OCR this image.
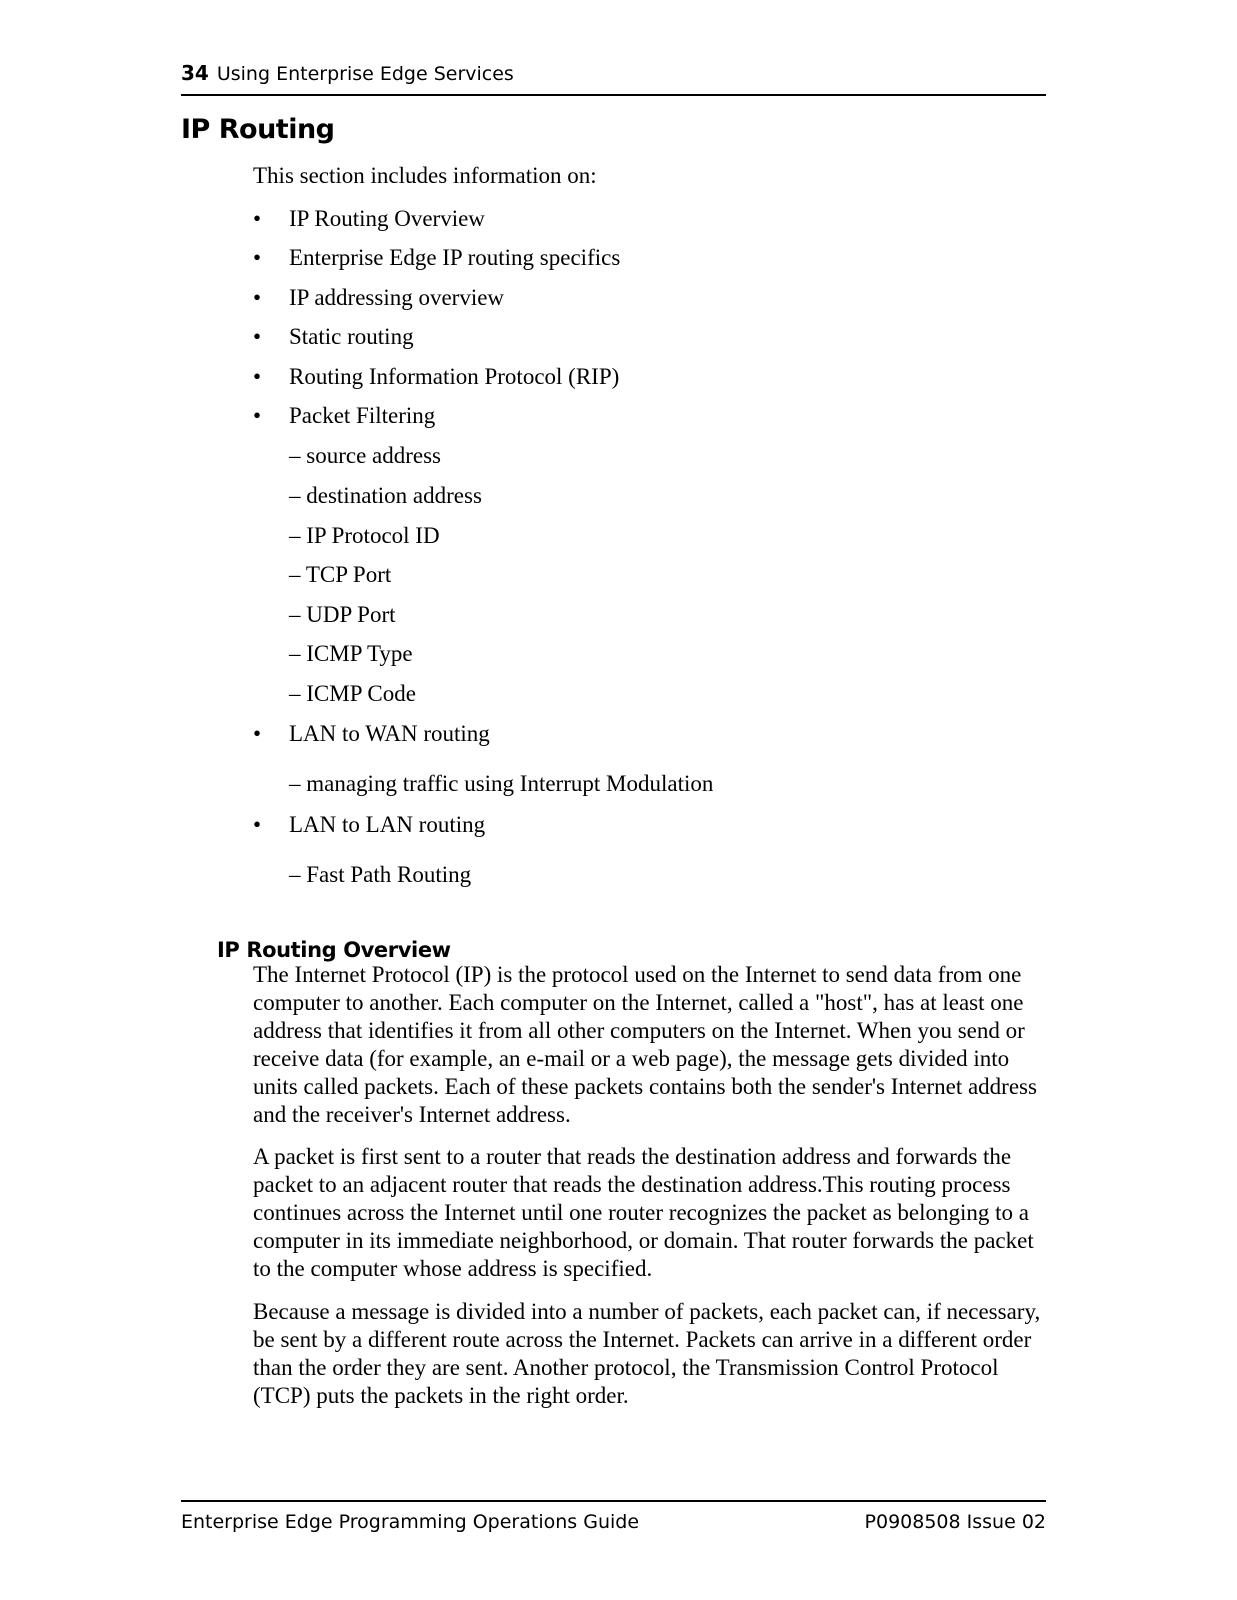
34 Using Enterprise Edge Services
IP Routing

This section includes information on:

• IP Routing Overview
• Enterprise Edge IP routing specifics
• IP addressing overview
• Static routing
• Routing Information Protocol (RIP)
• Packet Filtering
– source address
– destination address
– IP Protocol ID
– TCP Port
– UDP Port
– ICMP Type
– ICMP Code
• LAN to WAN routing
– managing traffic using Interrupt Modulation
• LAN to LAN routing
– Fast Path Routing
IP Routing Overview

The Internet Protocol (IP) is the protocol used on the Internet to send data from one computer to another. Each computer on the Internet, called a "host", has at least one address that identifies it from all other computers on the Internet. When you send or receive data (for example, an e-mail or a web page), the message gets divided into units called packets. Each of these packets contains both the sender's Internet address and the receiver's Internet address.

A packet is first sent to a router that reads the destination address and forwards the packet to an adjacent router that reads the destination address.This routing process continues across the Internet until one router recognizes the packet as belonging to a computer in its immediate neighborhood, or domain. That router forwards the packet to the computer whose address is specified.

Because a message is divided into a number of packets, each packet can, if necessary, be sent by a different route across the Internet. Packets can arrive in a different order than the order they are sent. Another protocol, the Transmission Control Protocol (TCP) puts the packets in the right order.

Enterprise Edge Programming Operations Guide	P0908508 Issue 02
